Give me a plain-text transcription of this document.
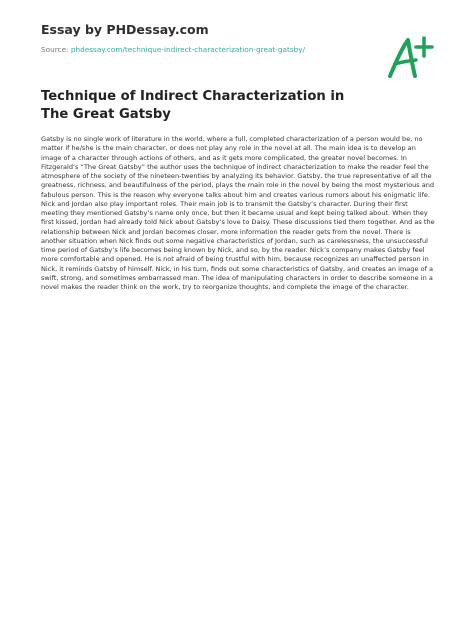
Essay by PHDessay.com
Source: phdessay.com/technique-indirect-characterization-great-gatsby/
Technique of Indirect Characterization in The Great Gatsby
Gatsby is no single work of literature in the world, where a full, completed characterization of a person would be, no matter if he/she is the main character, or does not play any role in the novel at all. The main idea is to develop an image of a character through actions of others, and as it gets more complicated, the greater novel becomes. In Fitzgerald’s “The Great Gatsby” the author uses the technique of indirect characterization to make the reader feel the atmosphere of the society of the nineteen-twenties by analyzing its behavior. Gatsby, the true representative of all the greatness, richness, and beautifulness of the period, plays the main role in the novel by being the most mysterious and fabulous person. This is the reason why everyone talks about him and creates various rumors about his enigmatic life. Nick and Jordan also play important roles. Their main job is to transmit the Gatsby’s character. During their first meeting they mentioned Gatsby’s name only once, but then it became usual and kept being talked about. When they first kissed, Jordan had already told Nick about Gatsby’s love to Daisy. These discussions tied them together. And as the relationship between Nick and Jordan becomes closer, more information the reader gets from the novel. There is another situation when Nick finds out some negative characteristics of Jordan, such as carelessness, the unsuccessful time period of Gatsby’s life becomes being known by Nick, and so, by the reader. Nick’s company makes Gatsby feel more comfortable and opened. He is not afraid of being trustful with him, because recognizes an unaffected person in Nick, it reminds Gatsby of himself. Nick, in his turn, finds out some characteristics of Gatsby, and creates an image of a swift, strong, and sometimes embarrassed man. The idea of manipulating characters in order to describe someone in a novel makes the reader think on the work, try to reorganize thoughts, and complete the image of the character.
